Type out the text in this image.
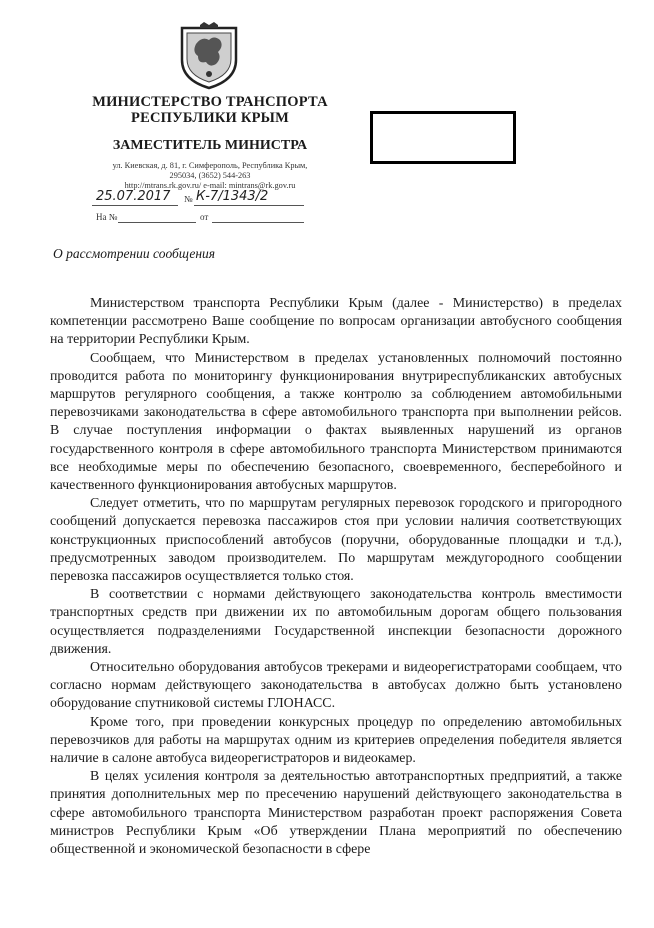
МИНИСТЕРСТВО ТРАНСПОРТА
РЕСПУБЛИКИ КРЫМ
ЗАМЕСТИТЕЛЬ МИНИСТРА
ул. Киевская, д. 81, г. Симферополь, Республика Крым,
295034, (3652) 544-263
http://mtrans.rk.gov.ru/ e-mail: mintrans@rk.gov.ru
25.07.2017 № К-7/1343/2
На №	от
О рассмотрении сообщения

Министерством транспорта Республики Крым (далее - Министерство) в пределах компетенции рассмотрено Ваше сообщение по вопросам организации автобусного сообщения на территории Республики Крым.

Сообщаем, что Министерством в пределах установленных полномочий постоянно проводится работа по мониторингу функционирования внутриреспубликанских автобусных маршрутов регулярного сообщения, а также контролю за соблюдением автомобильными перевозчиками законодательства в сфере автомобильного транспорта при выполнении рейсов. В случае поступления информации о фактах выявленных нарушений из органов государственного контроля в сфере автомобильного транспорта Министерством принимаются все необходимые меры по обеспечению безопасного, своевременного, бесперебойного и качественного функционирования автобусных маршрутов.

Следует отметить, что по маршрутам регулярных перевозок городского и пригородного сообщений допускается перевозка пассажиров стоя при условии наличия соответствующих конструкционных приспособлений автобусов (поручни, оборудованные площадки и т.д.), предусмотренных заводом производителем. По маршрутам междугородного сообщении перевозка пассажиров осуществляется только стоя.

В соответствии с нормами действующего законодательства контроль вместимости транспортных средств при движении их по автомобильным дорогам общего пользования осуществляется подразделениями Государственной инспекции безопасности дорожного движения.

Относительно оборудования автобусов трекерами и видеорегистраторами сообщаем, что согласно нормам действующего законодательства в автобусах должно быть установлено оборудование спутниковой системы ГЛОНАСС.

Кроме того, при проведении конкурсных процедур по определению автомобильных перевозчиков для работы на маршрутах одним из критериев определения победителя является наличие в салоне автобуса видеорегистраторов и видеокамер.

В целях усиления контроля за деятельностью автотранспортных предприятий, а также принятия дополнительных мер по пресечению нарушений действующего законодательства в сфере автомобильного транспорта Министерством разработан проект распоряжения Совета министров Республики Крым «Об утверждении Плана мероприятий по обеспечению общественной и экономической безопасности в сфере
